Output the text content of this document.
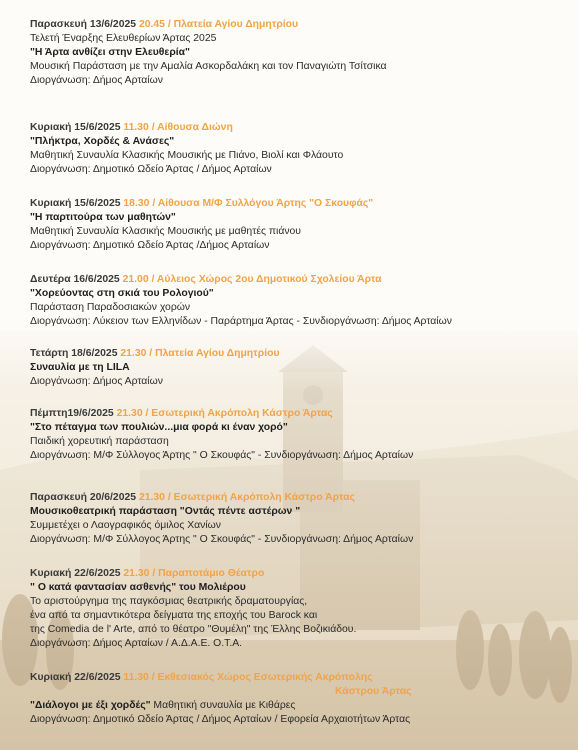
Παρασκευή 13/6/2025 20.45 / Πλατεία Αγίου Δημητρίου
Τελετή Έναρξης Ελευθερίων Άρτας 2025
"Η Άρτα ανθίζει στην Ελευθερία"
Μουσική Παράσταση με την Αμαλία Ασκορδαλάκη και τον Παναγιώτη Τσίτσικα
Διοργάνωση: Δήμος Αρταίων
Κυριακή 15/6/2025 11.30 / Αίθουσα Διώνη
"Πλήκτρα, Χορδές & Ανάσες"
Μαθητική Συναυλία Κλασικής Μουσικής με Πιάνο, Βιολί και Φλάουτο
Διοργάνωση: Δημοτικό Ωδείο Άρτας / Δήμος Αρταίων
Κυριακή 15/6/2025 18.30 / Αίθουσα Μ/Φ Συλλόγου Άρτης "Ο Σκουφάς"
"Η παρτιτούρα των μαθητών"
Μαθητική Συναυλία Κλασικής Μουσικής με μαθητές πιάνου
Διοργάνωση: Δημοτικό Ωδείο Άρτας /Δήμος Αρταίων
Δευτέρα 16/6/2025 21.00 / Αύλειος Χώρος 2ου Δημοτικού Σχολείου Άρτα
"Χορεύοντας στη σκιά του Ρολογιού"
Παράσταση Παραδοσιακών χορών
Διοργάνωση: Λύκειον των Ελληνίδων - Παράρτημα Άρτας - Συνδιοργάνωση: Δήμος Αρταίων
Τετάρτη 18/6/2025 21.30 / Πλατεία Αγίου Δημητρίου
Συναυλία με τη LILA
Διοργάνωση: Δήμος Αρταίων
Πέμπτη19/6/2025 21.30 / Εσωτερική Ακρόπολη Κάστρο Άρτας
"Στο πέταγμα των πουλιών...μια φορά κι έναν χορό"
Παιδική χορευτική παράσταση
Διοργάνωση: Μ/Φ Σύλλογος Άρτης " Ο Σκουφάς" - Συνδιοργάνωση: Δήμος Αρταίων
Παρασκευή 20/6/2025 21.30 / Εσωτερική Ακρόπολη Κάστρο Άρτας
Μουσικοθεατρική παράσταση "Οντάς πέντε αστέρων "
Συμμετέχει ο Λαογραφικός όμιλος Χανίων
Διοργάνωση: Μ/Φ Σύλλογος Άρτης " Ο Σκουφάς" - Συνδιοργάνωση: Δήμος Αρταίων
Κυριακή 22/6/2025 21.30 / Παραποτάμιο Θέατρο
" Ο κατά φαντασίαν ασθενής" του Μολιέρου
Το αριστούργημα της παγκόσμιας θεατρικής δραματουργίας,
ένα από τα σημαντικότερα δείγματα της εποχής του Barock και
της Comedia de l' Arte, από το θέατρο "Θυμέλη" της Έλλης Βοζικιάδου.
Διοργάνωση: Δήμος Αρταίων / Α.Δ.Α.Ε. Ο.Τ.Α.
Κυριακή 22/6/2025 11.30 / Εκθεσιακός Χώρος Εσωτερικής Ακρόπολης
Κάστρου Άρτας
"Διάλογοι με έξι χορδές" Μαθητική συναυλία με Κιθάρες
Διοργάνωση: Δημοτικό Ωδείο Άρτας / Δήμος Αρταίων / Εφορεία Αρχαιοτήτων Άρτας
